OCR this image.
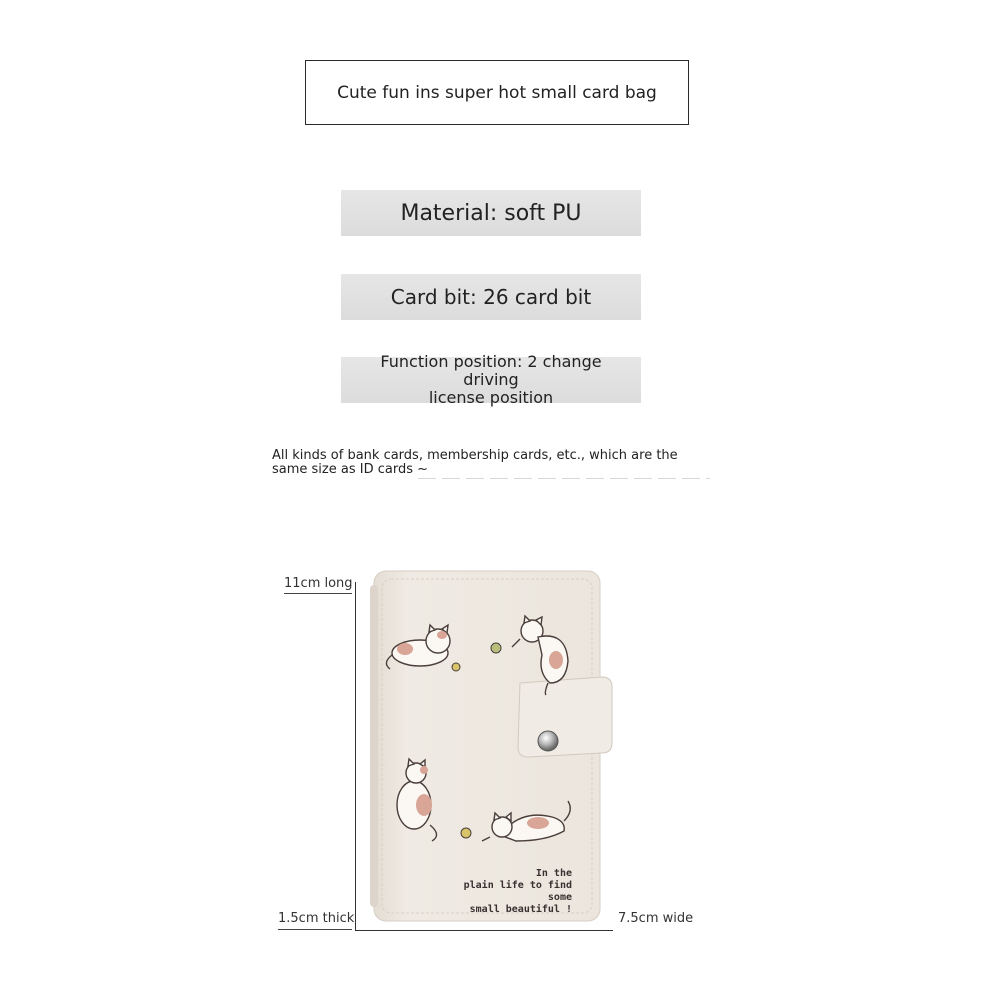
Cute fun ins super hot small card bag
Material: soft PU
Card bit: 26 card bit
Function position: 2 change driving
license position
All kinds of bank cards, membership cards, etc., which are the
same size as ID cards ~
11cm long
1.5cm thick	7.5cm wide
In the
plain life to find some
small beautiful !
